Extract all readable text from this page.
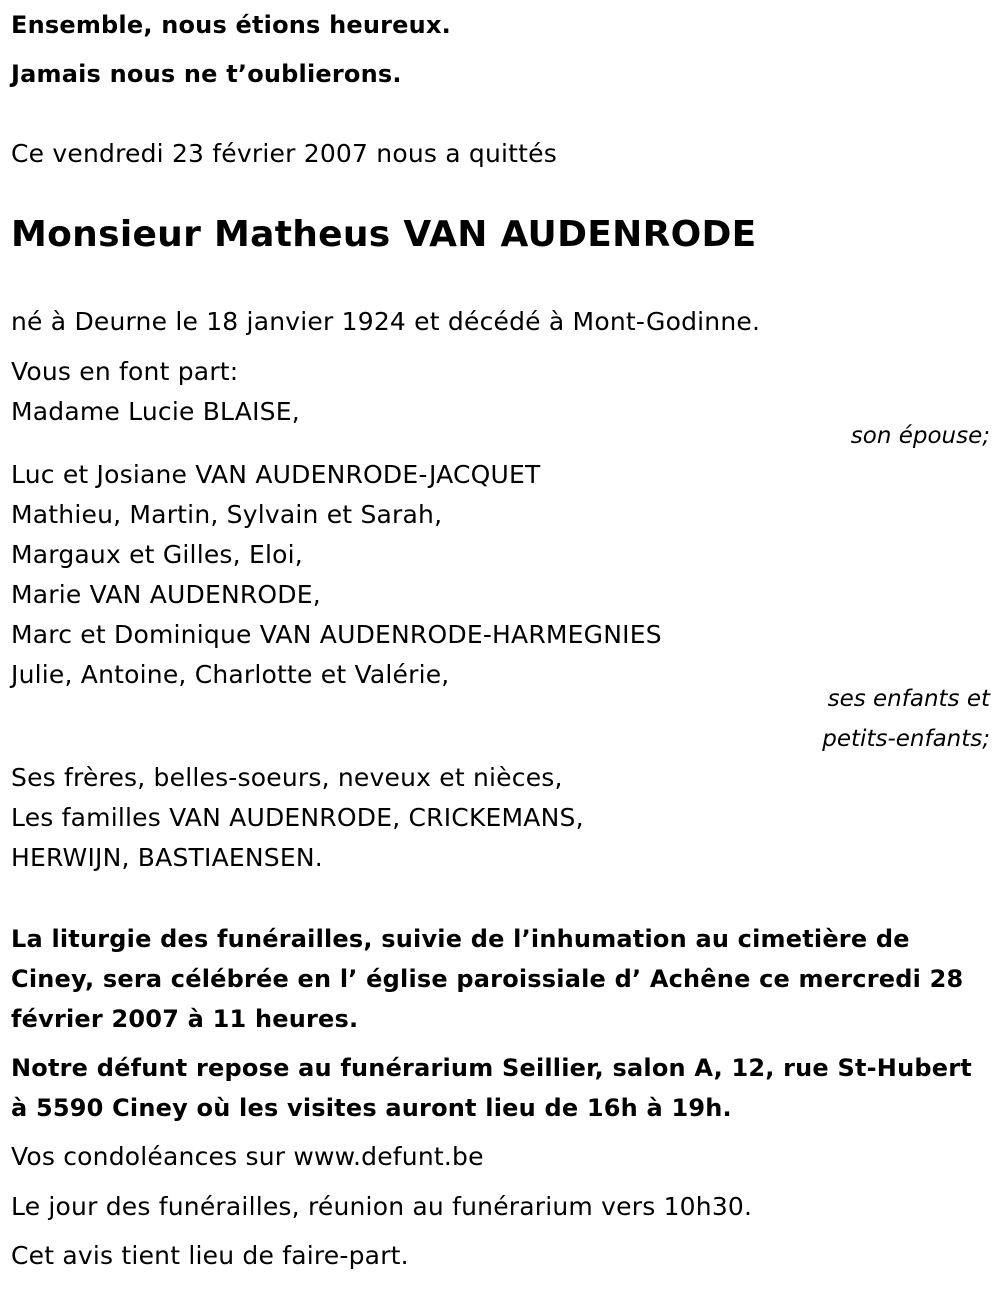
Ensemble, nous étions heureux.
Jamais nous ne t’oublierons.
Ce vendredi 23 février 2007 nous a quittés
Monsieur Matheus VAN AUDENRODE
né à Deurne le 18 janvier 1924 et décédé à Mont-Godinne.
Vous en font part:
Madame Lucie BLAISE,
son épouse;
Luc et Josiane VAN AUDENRODE-JACQUET
Mathieu, Martin, Sylvain et Sarah,
Margaux et Gilles, Eloi,
Marie VAN AUDENRODE,
Marc et Dominique VAN AUDENRODE-HARMEGNIES
Julie, Antoine, Charlotte et Valérie,
ses enfants et
petits-enfants;
Ses frères, belles-soeurs, neveux et nièces,
Les familles VAN AUDENRODE, CRICKEMANS,
HERWIJN, BASTIAENSEN.
La liturgie des funérailles, suivie de l’inhumation au cimetière de Ciney, sera célébrée en l’ église paroissiale d’ Achêne ce mercredi 28 février 2007 à 11 heures.
Notre défunt repose au funérarium Seillier, salon A, 12, rue St-Hubert à 5590 Ciney où les visites auront lieu de 16h à 19h.
Vos condoléances sur www.defunt.be
Le jour des funérailles, réunion au funérarium vers 10h30.
Cet avis tient lieu de faire-part.
